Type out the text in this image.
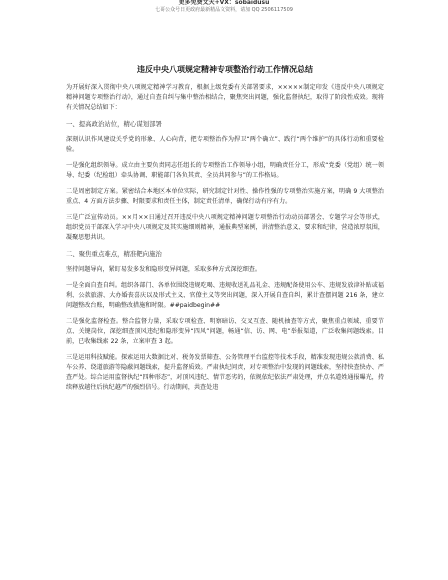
更多免费文天+VX：sobaidusu
七哥公众号日更政府最新精品文资料，请加 QQ 2506117509
违反中央八项规定精神专项整治行动工作情况总结
为开展好深入贯彻中央八项规定精神学习教育，根据上级党委有关部署要求，×××××制定印发《违反中央八项规定精神问题专项整治行动》，通过自查自纠与集中整治相结合，聚焦突出问题，强化监督执纪，取得了阶段性成效。现将有关情况总结如下：
一、提高政治站位，精心谋划部署
深刻认识作风建设关乎党的形象、人心向背，把专项整治作为捍卫“两个确立”、践行“两个维护”的具体行动和重要检验。
一是强化组织领导。成立由主要负责同志任组长的专项整治工作领导小组，明确责任分工，形成“党委（党组）统一领导、纪委（纪检组）牵头协调、职能部门各负其责、全员共同参与”的工作格局。
二是周密制定方案。紧密结合本地区本单位实际，研究制定针对性、操作性强的专项整治实施方案，明确 9 大项整治重点、4 方面方法步骤、时限要求和责任主体，制定责任清单，确保行动有序有力。
三是广泛宣传动员。××月××日通过召开违反中央八项规定精神问题专项整治行动动员部署会、专题学习会等形式，组织党员干部深入学习中央八项规定及其实施细则精神，通报典型案例，讲清整治意义、要求和纪律，营造浓厚氛围，凝聚思想共识。
二、聚焦重点难点，精准靶向施治
坚持问题导向，紧盯易发多发和隐形变异问题，采取多种方式深挖细查。
一是全面自查自纠。组织各部门、各单位围绕违规吃喝、违规收送礼品礼金、违规配备使用公车、违规发放津补贴或福利、公款旅游、大办婚丧喜庆以及形式主义、官僚主义等突出问题，深入开展自查自纠，累计查摆问题 216 条，建立问题整改台账，明确整改措施和时限。##paidbegin##
二是强化监督检查。整合监督力量，采取专项检查、明察暗访、交叉互查、随机抽查等方式，聚焦重点领域、重要节点、关键岗位，深挖细查顶风违纪和隐形变异“四风”问题，畅通“信、访、网、电”举报渠道，广泛收集问题线索。目前，已收集线索 22 条，立案审查 3 起。
三是运用科技赋能。探索运用大数据比对、税务发票筛查、公务管理平台监控等技术手段，精准发现违规公款消费、私车公养、绕道旅游等隐蔽问题线索，提升监督质效。严肃执纪问责，对专项整治中发现的问题线索，坚持快查快办、严查严处。综合运用监督执纪“四种形态”，对顶风违纪、情节恶劣的，依规依纪依法严肃处理，并点名道姓通报曝光，持续释放越往后执纪越严的强烈信号。行动期间，共查处违
